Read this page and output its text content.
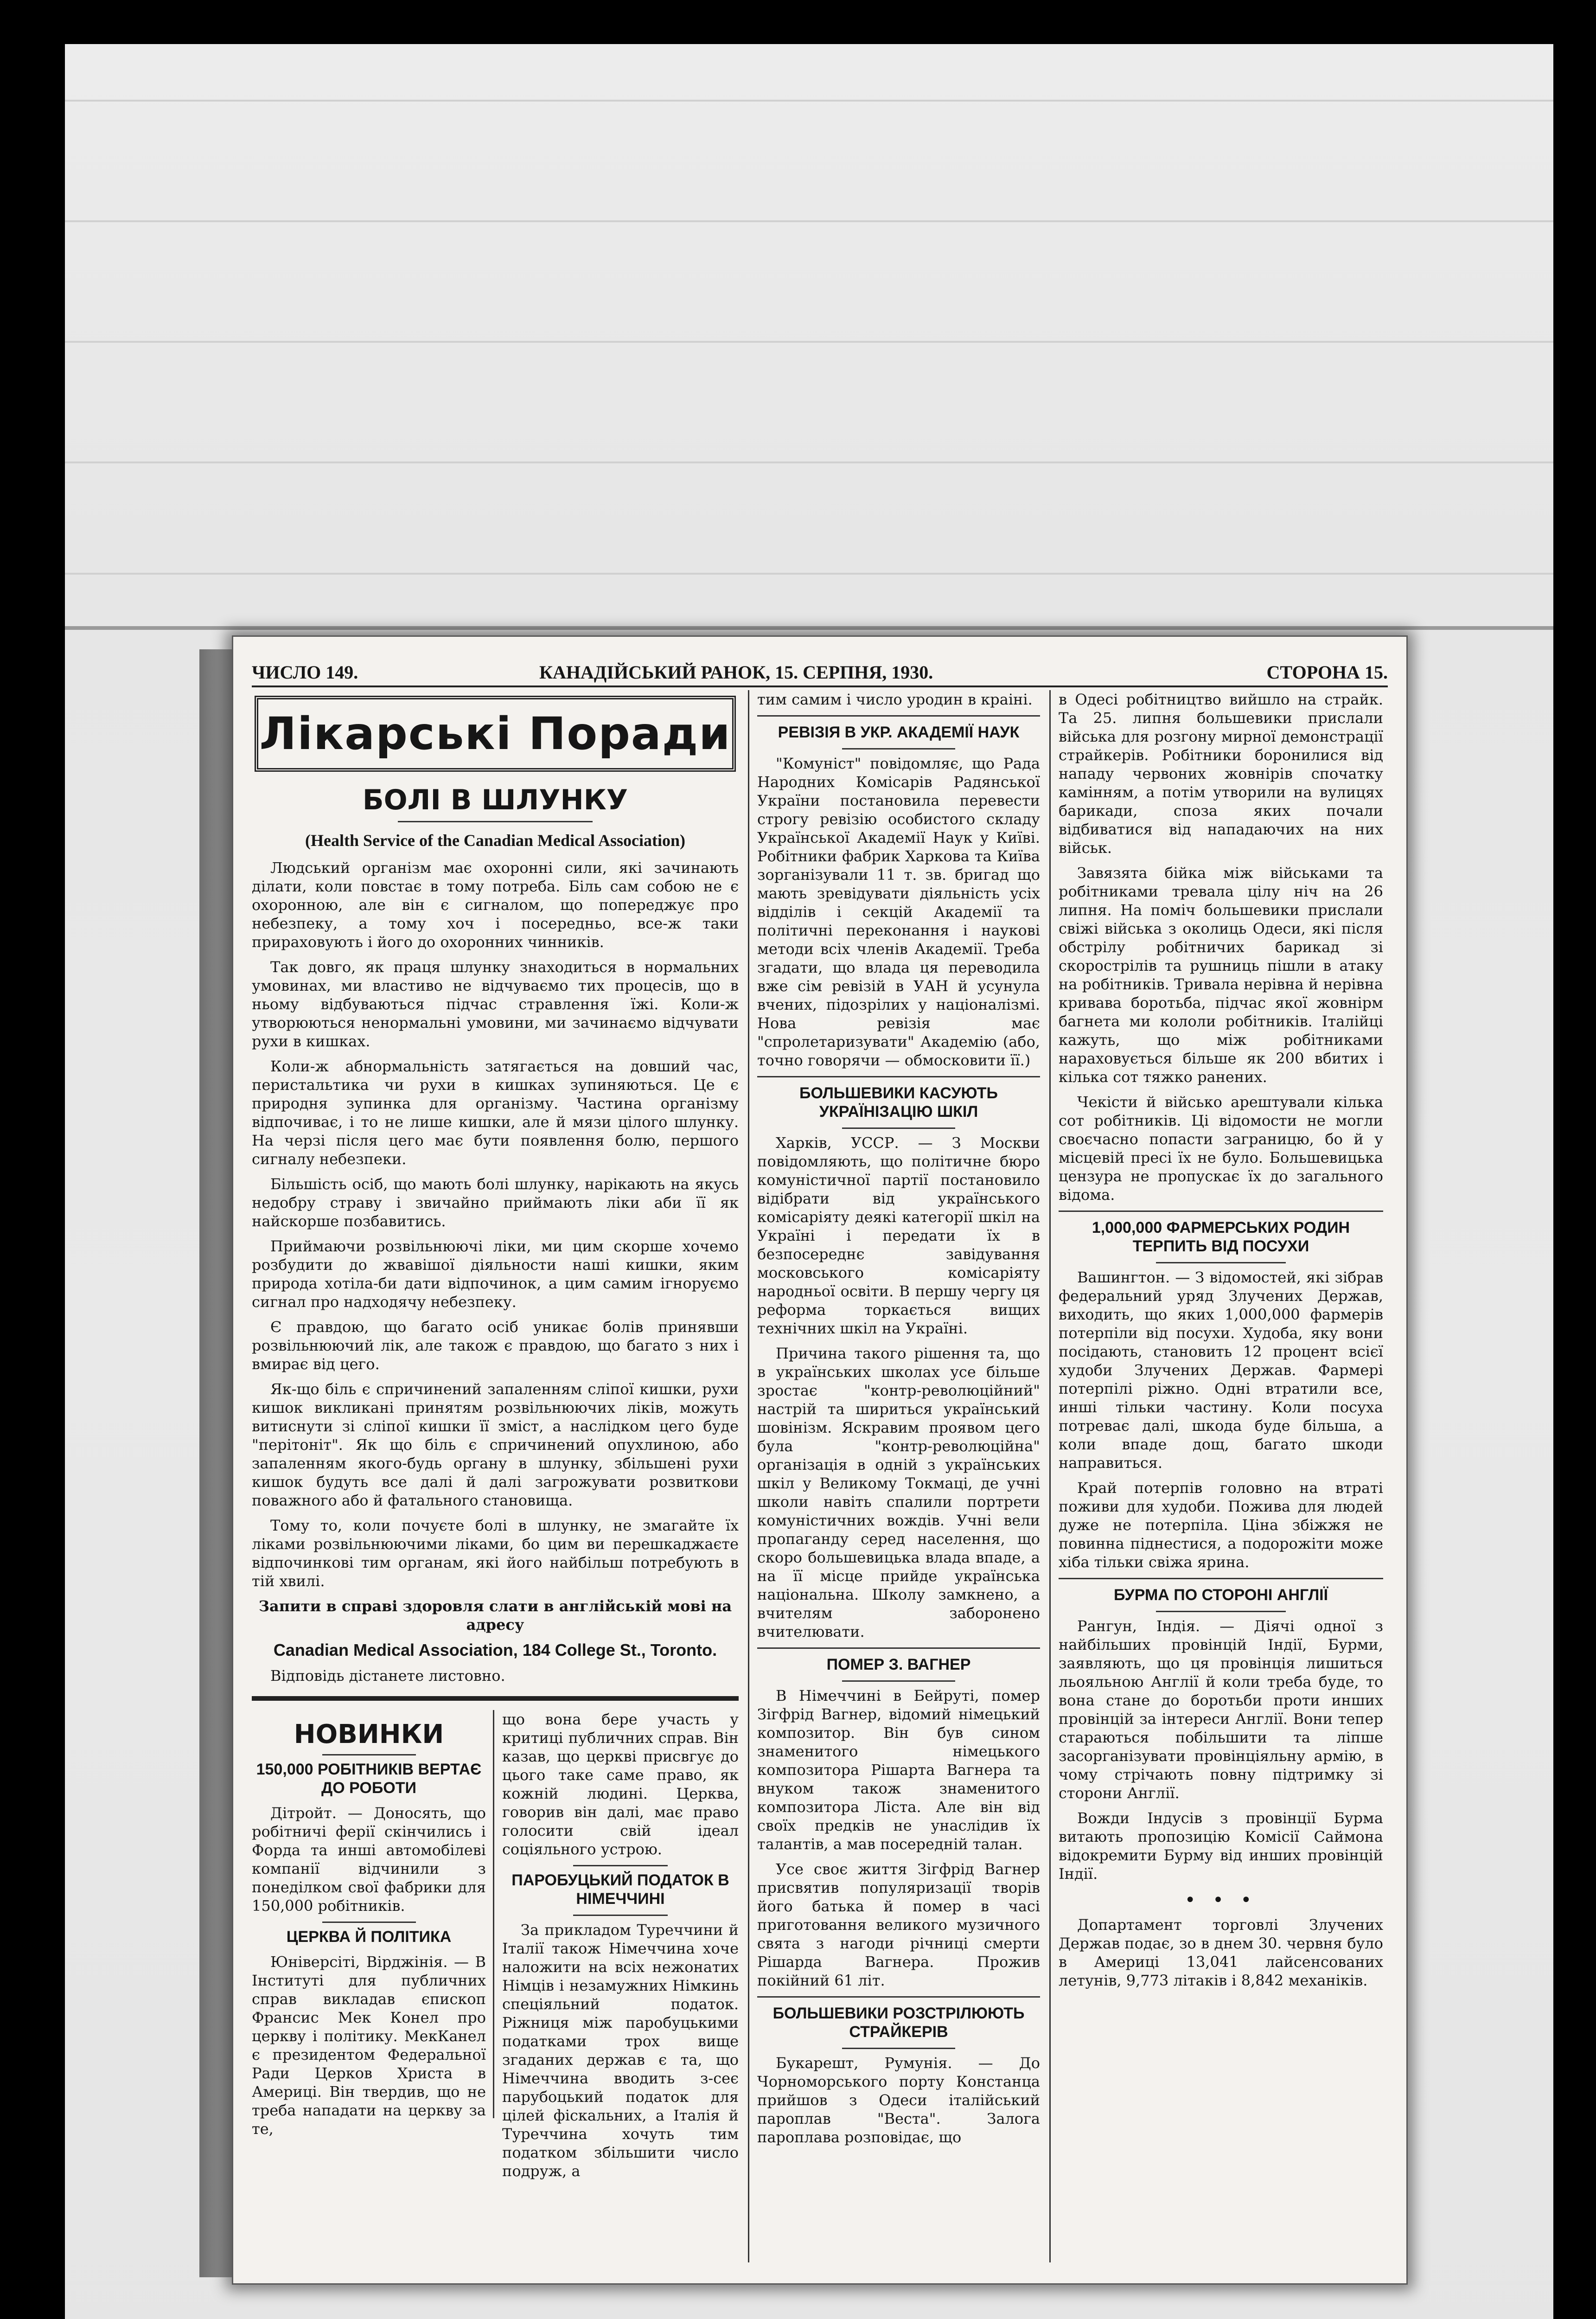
ЧИСЛО 149.	КАНАДІЙСЬКИЙ РАНОК, 15. СЕРПНЯ, 1930.	СТОРОНА 15.
Лікарські Поради
БОЛІ В ШЛУНКУ
(Health Service of the Canadian Medical Association)

Людський організм має охоронні сили, які зачинають ділати, коли повстає в тому потреба. Біль сам собою не є охоронною, але він є сигналом, що попереджує про небезпеку, а тому хоч і посередньо, все-ж таки прираховують і його до охоронних чинників.

Так довго, як праця шлунку знаходиться в нормальних умовинах, ми властиво не відчуваємо тих процесів, що в ньому відбуваються підчас стравлення їжі. Коли-ж утворюються ненормальні умовини, ми зачинаємо відчувати рухи в кишках.

Коли-ж абнормальність затягається на довший час, перистальтика чи рухи в кишках зупиняються. Це є природня зупинка для організму. Частина організму відпочиває, і то не лише кишки, але й мязи цілого шлунку. На черзі після цего має бути появлення болю, першого сигналу небезпеки.

Більшість осіб, що мають болі шлунку, нарікають на якусь недобру страву і звичайно приймають ліки аби її як найскорше позбавитись.

Приймаючи розвільнюючі ліки, ми цим скорше хочемо розбудити до жвавішої діяльности наші кишки, яким природа хотіла-би дати відпочинок, а цим самим ігноруємо сигнал про надходячу небезпеку.

Є правдою, що багато осіб уникає болів принявши розвільнюючий лік, але також є правдою, що багато з них і вмирає від цего.

Як-що біль є спричинений запаленням сліпої кишки, рухи кишок викликані принятям розвільнюючих ліків, можуть витиснути зі сліпої кишки її зміст, а наслідком цего буде "перітоніт". Як що біль є спричинений опухлиною, або запаленням якого-будь органу в шлунку, збільшені рухи кишок будуть все далі й далі загрожувати розвиткови поважного або й фатального становища.

Тому то, коли почуєте болі в шлунку, не змагайте їх ліками розвільнюючими ліками, бо цим ви перешкаджаєте відпочинкові тим органам, які його найбільш потребують в тій хвилі.

Запити в справі здоровля слати в англійській мові на адресу

Canadian Medical Association, 184 College St., Toronto.

Відповідь дістанете листовно.

НОВИНКИ
150,000 РОБІТНИКІВ ВЕРТАЄ ДО РОБОТИ

Дітройт. — Доносять, що робітничі ферії скінчились і Форда та инші автомобілеві компанії відчинили з понеділком свої фабрики для 150,000 робітників.

ЦЕРКВА Й ПОЛІТИКА

Юніверсіті, Вірджінія. — В Інституті для публичних справ викладав єпископ Франсис Мек Конел про церкву і політику. МекКанел є президентом Федеральної Ради Церков Христа в Америці. Він твердив, що не треба нападати на церкву за те,

що вона бере участь у критиці публичних справ. Він казав, що церкві присвгує до цього таке саме право, як кожній людині. Церква, говорив він далі, має право голосити свій ідеал соціяльного устрою.

ПАРОБУЦЬКИЙ ПОДАТОК В НІМЕЧЧИНІ

За прикладом Туреччини й Італії також Німеччина хоче наложити на всіх нежонатих Німців і незамужних Німкинь спеціяльний податок. Ріжниця між паробуцькими податками трох вище згаданих держав є та, що Німеччина вводить з-сеє парубоцький податок для цілей фіскальних, а Італія й Туреччина хочуть тим податком збільшити число подруж, а

тим самим і число уродин в краіні.

РЕВІЗІЯ В УКР. АКАДЕМІЇ НАУК

"Комуніст" повідомляє, що Рада Народних Комісарів Радянської України постановила перевести строгу ревізію особистого складу Української Академії Наук у Київі. Робітники фабрик Харкова та Київа зорганізували 11 т. зв. бригад що мають зревідувати діяльність усіх відділів і секцій Академії та політичні переконання і наукові методи всіх членів Академії. Треба згадати, що влада ця переводила вже сім ревізій в УАН й усунула вчених, підозрілих у націоналізмі. Нова ревізія має "спролетаризувати" Академію (або, точно говорячи — обмосковити її.)

БОЛЬШЕВИКИ КАСУЮТЬ УКРАЇНІЗАЦІЮ ШКІЛ

Харків, УССР. — З Москви повідомляють, що політичне бюро комуністичної партії постановило відібрати від українського комісаріяту деякі категорії шкіл на Україні і передати їх в безпосереднє завідування московського комісаріяту народньої освіти. В першу чергу ця реформа торкається вищих технічних шкіл на Україні.

Причина такого рішення та, що в українських школах усе більше зростає "контр-революційний" настрій та шириться український шовінізм. Яскравим проявом цего була "контр-революційна" організація в одній з українських шкіл у Великому Токмаці, де учні школи навіть спалили портрети комуністичних вождів. Учні вели пропаганду серед населення, що скоро большевицька влада впаде, а на її місце прийде українська національна. Школу замкнено, а вчителям заборонено вчителювати.

ПОМЕР З. ВАГНЕР

В Німеччині в Бейруті, помер Зігфрід Вагнер, відомий німецький композитор. Він був сином знаменитого німецького композитора Рішарта Вагнера та внуком також знаменитого композитора Ліста. Але він від своїх предків не унаслідив їх талантів, а мав посередній талан.

Усе своє життя Зігфрід Вагнер присвятив популяризації творів його батька й помер в часі приготовання великого музичного свята з нагоди річниці смерти Рішарда Вагнера. Прожив покійний 61 літ.

БОЛЬШЕВИКИ РОЗСТРІЛЮЮТЬ СТРАЙКЕРІВ

Букарешт, Румунія. — До Чорноморського порту Констанца прийшов з Одеси італійський пароплав "Веста". Залога пароплава розповідає, що

в Одесі робітництво вийшло на страйк. Та 25. липня большевики прислали війська для розгону мирної демонстрації страйкерів. Робітники боронилися від нападу червоних жовнірів спочатку камінням, а потім утворили на вулицях барикади, споза яких почали відбиватися від нападаючих на них військ.

Завязята бійка між військами та робітниками тревала цілу ніч на 26 липня. На поміч большевики прислали свіжі війська з околиць Одеси, які після обстрілу робітничих барикад зі скорострілів та рушниць пішли в атаку на робітників. Тривала нерівна й нерівна кривава боротьба, підчас якої жовнірм багнета ми кололи робітників. Італійці кажуть, що між робітниками нараховується більше як 200 вбитих і кілька сот тяжко ранених.

Чекісти й військо арештували кілька сот робітників. Ці відомости не могли своєчасно попасти заграницю, бо й у місцевій пресі їх не було. Большевицька цензура не пропускає їх до загального відома.

1,000,000 ФАРМЕРСЬКИХ РОДИН ТЕРПИТЬ ВІД ПОСУХИ

Вашингтон. — З відомостей, які зібрав федеральний уряд Злучених Держав, виходить, що яких 1,000,000 фармерів потерпіли від посухи. Худоба, яку вони посідають, становить 12 процент всієї худоби Злучених Держав. Фармері потерпілі ріжно. Одні втратили все, инші тільки частину. Коли посуха потреває далі, шкода буде більша, а коли впаде дощ, багато шкоди направиться.

Край потерпів головно на втраті поживи для худоби. Пожива для людей дуже не потерпіла. Ціна збіжжя не повинна піднестися, а подорожіти може хіба тільки свіжа ярина.

БУРМА ПО СТОРОНІ АНГЛІЇ

Рангун, Індія. — Діячі одної з найбільших провінцій Індії, Бурми, заявляють, що ця провінція лишиться льояльною Англії й коли треба буде, то вона стане до боротьби проти инших провінцій за інтереси Англії. Вони тепер стараються побільшити та ліпше засорганізувати провінціяльну армію, в чому стрічають повну підтримку зі сторони Англії.

Вожди Індусів з провінції Бурма витають пропозицію Комісії Саймона відокремити Бурму від инших провінцій Індії.

• • •

Допартамент торговлі Злучених Держав подає, зо в днем 30. червня було в Америці 13,041 лайсенсованих летунів, 9,773 літаків і 8,842 механіків.
